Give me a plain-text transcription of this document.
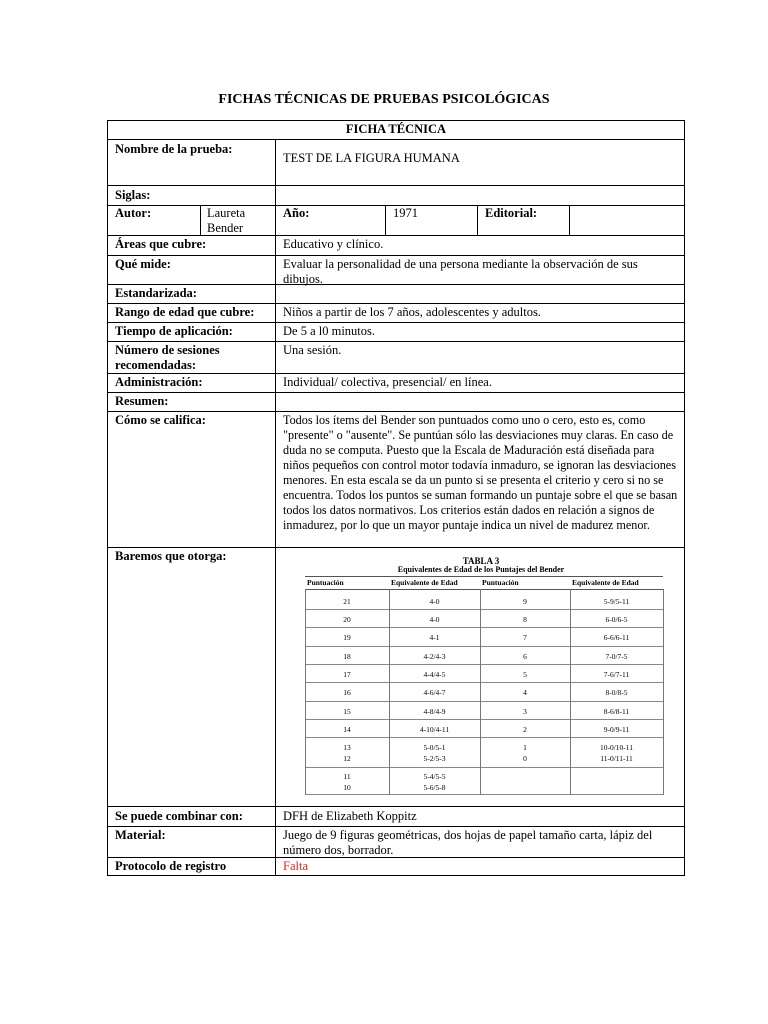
FICHAS TÉCNICAS DE PRUEBAS PSICOLÓGICAS
FICHA TÉCNICA
Nombre de la prueba:
TEST DE LA FIGURA HUMANA
Siglas:
Autor:	Laureta
Bender
Año:	1971	Editorial:
Áreas que cubre:	Educativo y clínico.
Qué mide:	Evaluar la personalidad de una persona mediante la observación de sus dibujos.
Estandarizada:
Rango de edad que cubre: Niños a partir de los 7 años, adolescentes y adultos.
Tiempo de aplicación:	De 5 a l0 minutos.
Número de sesiones
recomendadas:
Una sesión.
Administración:	Individual/ colectiva, presencial/ en línea.
Resumen:
Cómo se califica:	Todos los ítems del Bender son puntuados como uno o cero, esto es, como "presente" o "ausente". Se puntúan sólo las desviaciones muy claras. En caso de duda no se computa. Puesto que la Escala de Maduración está diseñada para niños pequeños con control motor todavía inmaduro, se ignoran las desviaciones menores. En esta escala se da un punto si se presenta el criterio y cero si no se encuentra. Todos los puntos se suman formando un puntaje sobre el que se basan todos los datos normativos. Los criterios están dados en relación a signos de inmadurez, por lo que un mayor puntaje indica un nivel de madurez menor.
Baremos que otorga:
Se puede combinar con:	DFH de Elizabeth Koppitz
Material:	Juego de 9 figuras geométricas, dos hojas de papel tamaño carta, lápiz del número dos, borrador.
Protocolo de registro	Falta
TABLA 3
Equivalentes de Edad de los Puntajes del Bender
Puntuación	Equivalente de Edad	Puntuación	Equivalente de Edad
21	4-0	9	5-9/5-11
20	4-0	8	6-0/6-5
19	4-1	7	6-6/6-11
18	4-2/4-3	6	7-0/7-5
17	4-4/4-5	5	7-6/7-11
16	4-6/4-7	4	8-0/8-5
15	4-8/4-9	3	8-6/8-11
14	4-10/4-11	2	9-0/9-11
13	5-0/5-1	1	10-0/10-11
12	5-2/5-3	0	11-0/11-11
11	5-4/5-5
10	5-6/5-8
